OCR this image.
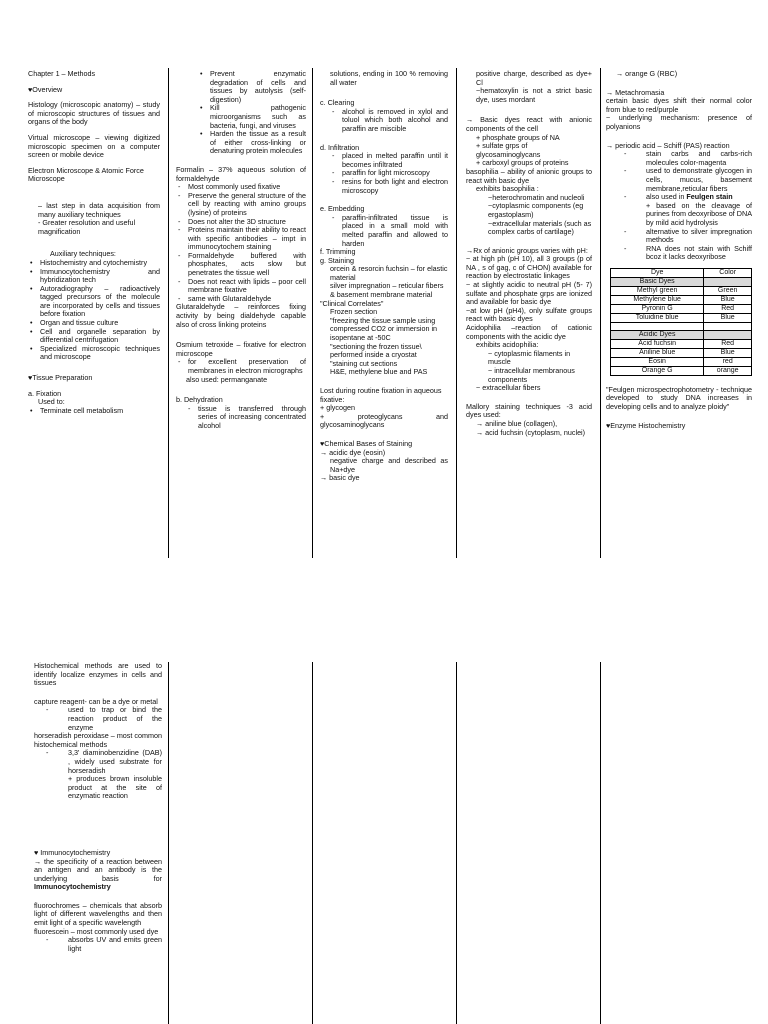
Chapter 1 – Methods

♥Overview

Histology (microscopic anatomy) – study of microscopic structures of tissues and organs of the body

Virtual microscope – viewing digitized microscopic specimen on a computer screen or mobile device

Electron Microscope & Atomic Force Microscope

– last step in data acquisition from many auxiliary techniques

- Greater resolution and useful magnification

Auxiliary techniques:

• Histochemistry and cytochemistry
• Immunocytochemistry and hybridization tech
• Autoradiography – radioactively tagged precursors of the molecule are incorporated by cells and tissues before fixation
• Organ and tissue culture
• Cell and organelle separation by differential centrifugation
• Specialized microscopic techniques and microscope

♥Tissue Preparation

a. Fixation

Used to:

• Terminate cell metabolism
• Prevent enzymatic degradation of cells and tissues by autolysis (self-digestion)
• Kill pathogenic microorganisms such as bacteria, fungi, and viruses
• Harden the tissue as a result of either cross-linking or denaturing protein molecules

Formalin – 37% aqueous solution of formaldehyde

- Most commonly used fixative
- Preserve the general structure of the cell by reacting with amino groups (lysine) of proteins
- Does not alter the 3D structure
- Proteins maintain their ability to react with specific antibodies – impt in immunocytochem staining
- Formaldehyde buffered with phosphates, acts slow but penetrates the tissue well
- Does not react with lipids – poor cell membrane fixative
- same with Glutaraldehyde

Glutaraldehyde – reinforces fixing activity by being dialdehyde capable also of cross linking proteins

Osmium tetroxide – fixative for electron microscope

- for excellent preservation of membranes in electron micrographs

also used: permanganate

b. Dehydration

- tissue is transferred through series of increasing concentrated alcohol

solutions, ending in 100 % removing all water

c. Clearing

- alcohol is removed in xylol and toluol which both alcohol and paraffin are miscible

d. Infiltration

- placed in melted paraffin until it becomes infiltrated
- paraffin for light microscopy
- resins for both light and electron microscopy

e. Embedding

- paraffin-infiltrated tissue is placed in a small mold with melted paraffin and allowed to harden

f. Trimming

g. Staining

orcein & resorcin fuchsin – for elastic material

silver impregnation – reticular fibers & basement membrane material

"Clinical Correlates"

Frozen section

"freezing the tissue sample using compressed CO2 or immersion in isopentane at -50C

"sectioning the frozen tissue\ performed inside a cryostat

"staining cut sections

H&E, methylene blue and PAS

Lost during routine fixation in aqueous fixative:

+ glycogen

+ proteoglycans and glycosaminoglycans

♥Chemical Bases of Staining

→ acidic dye (eosin)

negative charge and described as Na+dye

→ basic dye

positive charge, described as dye+ Cl

~hematoxylin is not a strict basic dye, uses mordant

→ Basic dyes react with anionic components of the cell

+ phosphate groups of NA

+ sulfate grps of glycosaminoglycans

+ carboxyl groups of proteins

basophilia – ability of anionic groups to react with basic dye

exhibits basophilia :

~heterochromatin and nucleoli

~cytoplasmic components (eg ergastoplasm)

~extracellular materials (such as complex carbs of cartilage)

→Rx of anionic groups varies with pH:

~ at high ph (pH 10), all 3 groups (p of NA , s of gag, c of CHON) available for reaction by electrostatic linkages

~ at slightly acidic to neutral pH (5- 7) sulfate and phosphate grps are ionized and available for basic dye

~at low pH (pH4), only sulfate groups react with basic dyes

Acidophilia –reaction of cationic components with the acidic dye

exhibits acidophilia:

~ cytoplasmic filaments in muscle

~ intracellular membranous components

~ extracellular fibers

Mallory staining techniques -3 acid dyes used:

→ aniline blue (collagen),

→ acid fuchsin (cytoplasm, nuclei)

→ orange G (RBC)

→ Metachromasia

certain basic dyes shift their normal color from blue to red/purple

~ underlying mechanism: presence of polyanions

→ periodic acid – Schiff (PAS) reaction

- stain carbs and carbs-rich molecules color-magenta
- used to demonstrate glycogen in cells, mucus, basement membrane,reticular fibers
- also used in Feulgen stain

+ based on the cleavage of purines from deoxyribose of DNA by mild acid hydrolysis

- alternative to silver impregnation methods
- RNA does not stain with Schiff bcoz it lacks deoxyribose
Dye	Color
Basic Dyes	
Methyl green	Green
Methylene blue	Blue
Pyronin G	Red
Toluidine blue	Blue

Acidic Dyes	
Acid fuchsin	Red
Aniline blue	Blue
Eosin	red
Orange G	orange

"Feulgen microspectrophotometry - technique developed to study DNA increases in developing cells and to analyze ploidy"

♥Enzyme Histochemistry

Histochemical methods are used to identify localize enzymes in cells and tissues

capture reagent- can be a dye or metal

- used to trap or bind the reaction product of the enzyme

horseradish peroxidase – most common histochemical methods

- 3,3' diaminobenzidine (DAB) , widely used substrate for horseradish

+ produces brown insoluble product at the site of enzymatic reaction

♥ Immunocytochemistry

→ the specificity of a reaction between an antigen and an antibody is the underlying basis for Immunocytochemistry

fluorochromes – chemicals that absorb light of different wavelengths and then emit light of a specific wavelength

fluorescein – most commonly used dye

- absorbs UV and emits green light
